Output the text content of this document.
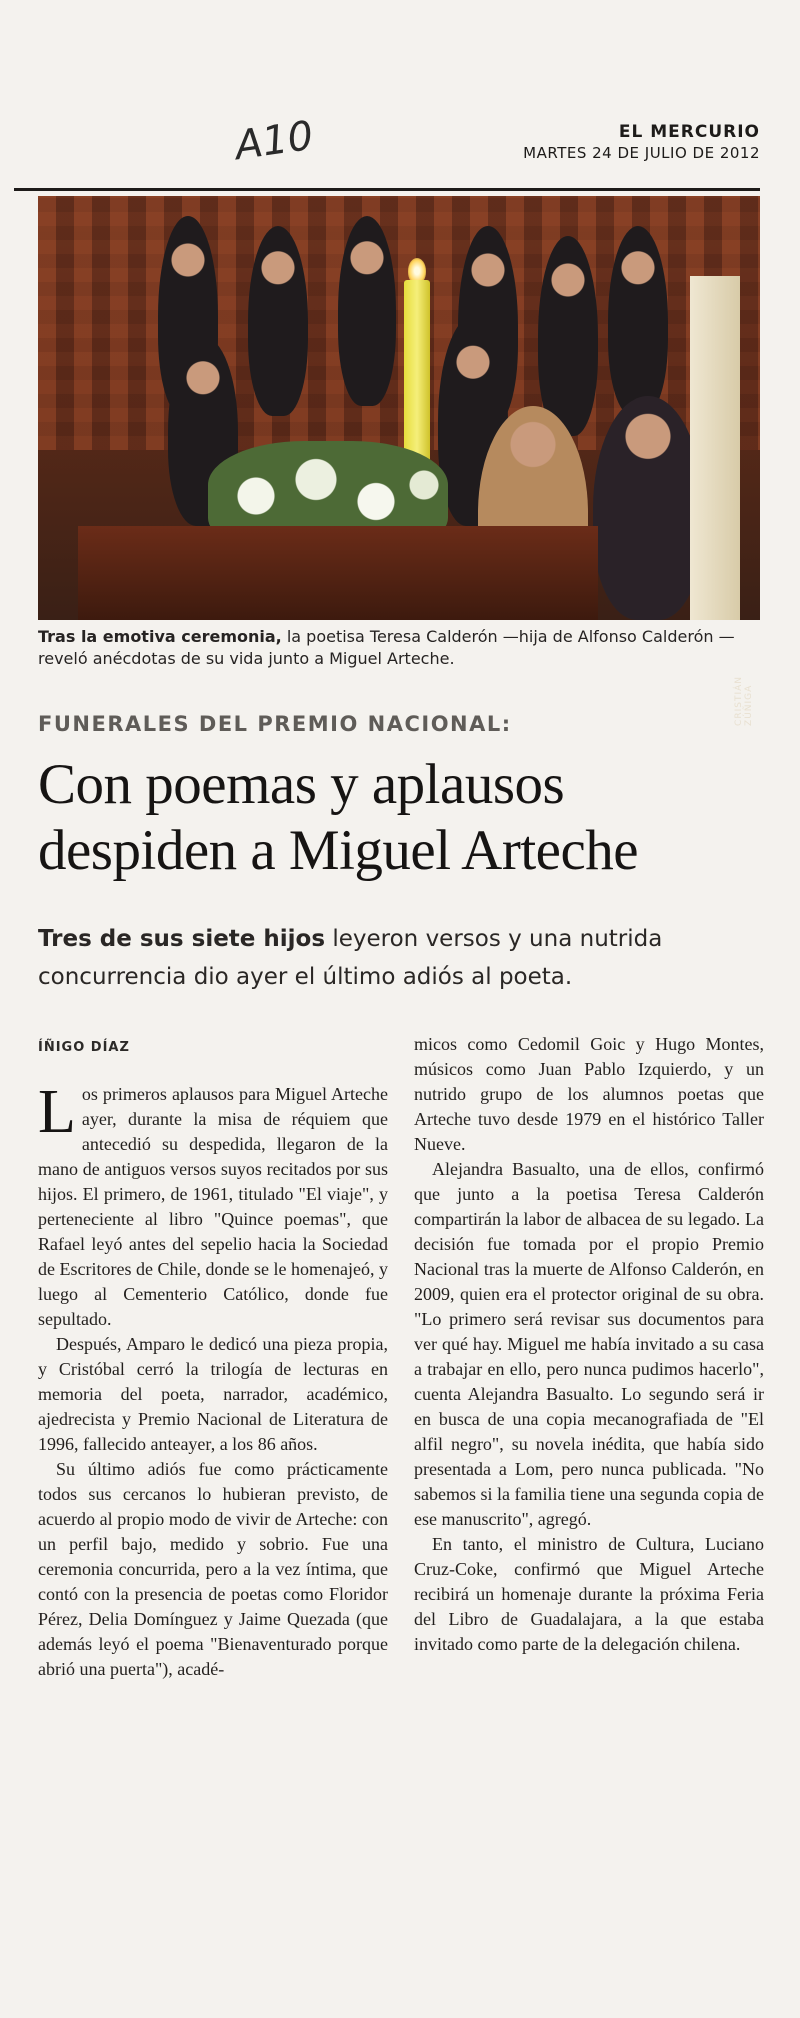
A10	EL MERCURIO
MARTES 24 DE JULIO DE 2012
CRISTIÁN ZÚÑIGA
Tras la emotiva ceremonia, la poetisa Teresa Calderón —hija de Alfonso Calderón — reveló anécdotas de su vida junto a Miguel Arteche.
FUNERALES DEL PREMIO NACIONAL:
Con poemas y aplausos despiden a Miguel Arteche
Tres de sus siete hijos leyeron versos y una nutrida concurrencia dio ayer el último adiós al poeta.
ÍÑIGO DÍAZ

Los primeros aplausos para Miguel Arteche ayer, durante la misa de réquiem que antecedió su despedida, llegaron de la mano de antiguos versos suyos recitados por sus hijos. El primero, de 1961, titulado "El viaje", y perteneciente al libro "Quince poemas", que Rafael leyó antes del sepelio hacia la Sociedad de Escritores de Chile, donde se le homenajeó, y luego al Cementerio Católico, donde fue sepultado.

Después, Amparo le dedicó una pieza propia, y Cristóbal cerró la trilogía de lecturas en memoria del poeta, narrador, académico, ajedrecista y Premio Nacional de Literatura de 1996, fallecido anteayer, a los 86 años.

Su último adiós fue como prácticamente todos sus cercanos lo hubieran previsto, de acuerdo al propio modo de vivir de Arteche: con un perfil bajo, medido y sobrio. Fue una ceremonia concurrida, pero a la vez íntima, que contó con la presencia de poetas como Floridor Pérez, Delia Domínguez y Jaime Quezada (que además leyó el poema "Bienaventurado porque abrió una puerta"), acadé-

micos como Cedomil Goic y Hugo Montes, músicos como Juan Pablo Izquierdo, y un nutrido grupo de los alumnos poetas que Arteche tuvo desde 1979 en el histórico Taller Nueve.

Alejandra Basualto, una de ellos, confirmó que junto a la poetisa Teresa Calderón compartirán la labor de albacea de su legado. La decisión fue tomada por el propio Premio Nacional tras la muerte de Alfonso Calderón, en 2009, quien era el protector original de su obra. "Lo primero será revisar sus documentos para ver qué hay. Miguel me había invitado a su casa a trabajar en ello, pero nunca pudimos hacerlo", cuenta Alejandra Basualto. Lo segundo será ir en busca de una copia mecanografiada de "El alfil negro", su novela inédita, que había sido presentada a Lom, pero nunca publicada. "No sabemos si la familia tiene una segunda copia de ese manuscrito", agregó.

En tanto, el ministro de Cultura, Luciano Cruz-Coke, confirmó que Miguel Arteche recibirá un homenaje durante la próxima Feria del Libro de Guadalajara, a la que estaba invitado como parte de la delegación chilena.
